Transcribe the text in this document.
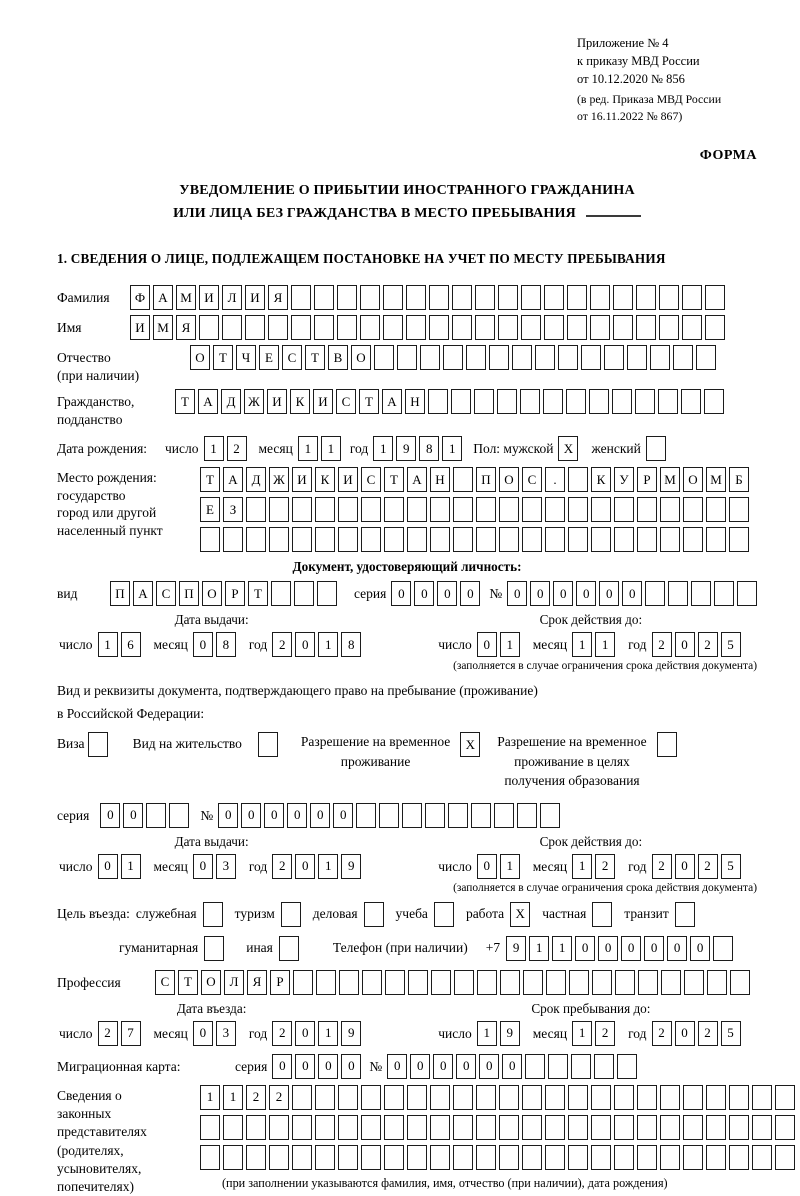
Приложение № 4
к приказу МВД России
от 10.12.2020 № 856
(в ред. Приказа МВД России
от 16.11.2022 № 867)
ФОРМА
УВЕДОМЛЕНИЕ О ПРИБЫТИИ ИНОСТРАННОГО ГРАЖДАНИНА
ИЛИ ЛИЦА БЕЗ ГРАЖДАНСТВА В МЕСТО ПРЕБЫВАНИЯ
1. СВЕДЕНИЯ О ЛИЦЕ, ПОДЛЕЖАЩЕМ ПОСТАНОВКЕ НА УЧЕТ ПО МЕСТУ ПРЕБЫВАНИЯ
Фамилия	Ф	А М И	Л	И	Я
Имя	И М Я
Отчество
(при наличии)
О	Т	Ч	Е	С	Т	В	О
Гражданство,
подданство
Т	А	Д Ж И	К	И	С	Т	А	Н
Дата рождения:	число 1	2	месяц 1	1	год 1	9	8	1	Пол: мужской X	женский
Место рождения:
государство
город или другой
населенный пункт
Т	А	Д Ж И	К	И	С	Т	А	Н	П	О	С	.	К	У	Р	М О М	Б
Е	З
Документ, удостоверяющий личность:
вид	П	А	С	П	О	Р	Т	серия 0	0	0	0	№ 0	0	0	0	0	0
Дата выдачи:
число 1	6	месяц 0	8	год 2	0	1	8
Срок действия до:
число 0	1	месяц 1	1	год 2	0	2	5
(заполняется в случае ограничения срока действия документа)
Вид и реквизиты документа, подтверждающего право на пребывание (проживание)
в Российской Федерации:
Виза	Вид на жительство	Разрешение на временное
проживание
X	Разрешение на временное
проживание в целях
получения образования
серия	0	0	№ 0	0	0	0	0	0
Дата выдачи:
число 0	1	месяц 0	3	год 2	0	1	9
Срок действия до:
число 0	1	месяц 1	2	год 2	0	2	5
(заполняется в случае ограничения срока действия документа)
Цель въезда: служебная	туризм	деловая	учеба	работа X	частная	транзит
гуманитарная	иная	Телефон (при наличии) +7 9	1	1	0	0	0	0	0	0
Профессия	С	Т	О	Л	Я	Р
Дата въезда:
число 2	7	месяц 0	3	год 2	0	1	9
Срок пребывания до:
число 1	9	месяц 1	2	год 2	0	2	5
Миграционная карта:	серия 0	0	0	0	№ 0	0	0	0	0	0
Сведения о
законных
представителях
(родителях,
усыновителях,
попечителях)
1	1	2	2
(при заполнении указываются фамилия, имя, отчество (при наличии), дата рождения)
